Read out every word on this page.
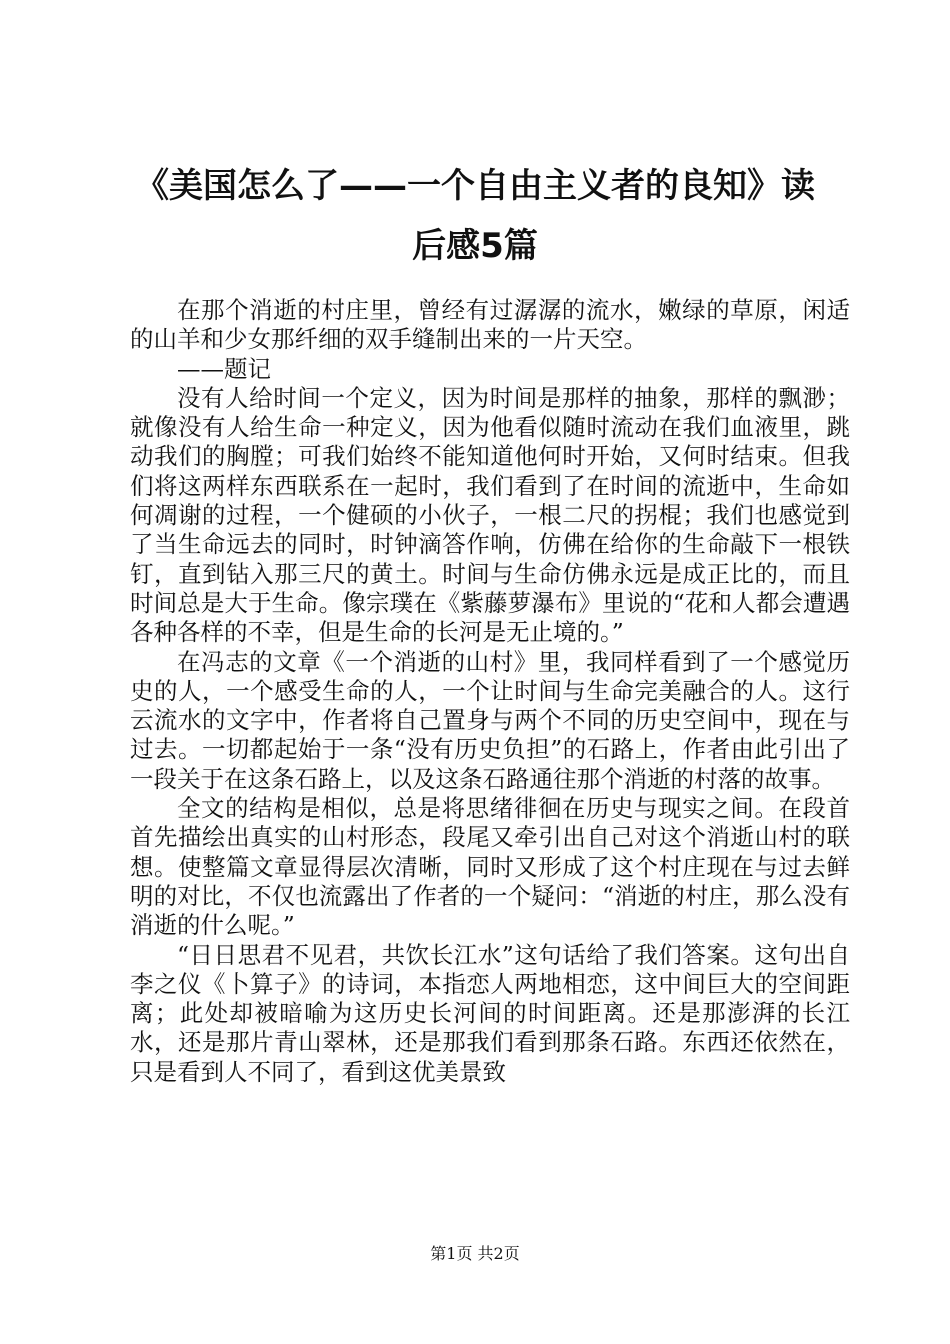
《美国怎么了——一个自由主义者的良知》读
后感5篇

在那个消逝的村庄里，曾经有过潺潺的流水，嫩绿的草原，闲适的山羊和少女那纤细的双手缝制出来的一片天空。

——题记

没有人给时间一个定义，因为时间是那样的抽象，那样的飘渺；就像没有人给生命一种定义，因为他看似随时流动在我们血液里，跳动我们的胸膛；可我们始终不能知道他何时开始，又何时结束。但我们将这两样东西联系在一起时，我们看到了在时间的流逝中，生命如何凋谢的过程，一个健硕的小伙子，一根二尺的拐棍；我们也感觉到了当生命远去的同时，时钟滴答作响，仿佛在给你的生命敲下一根铁钉，直到钻入那三尺的黄土。时间与生命仿佛永远是成正比的，而且时间总是大于生命。像宗璞在《紫藤萝瀑布》里说的“花和人都会遭遇各种各样的不幸，但是生命的长河是无止境的。”

在冯志的文章《一个消逝的山村》里，我同样看到了一个感觉历史的人，一个感受生命的人，一个让时间与生命完美融合的人。这行云流水的文字中，作者将自己置身与两个不同的历史空间中，现在与过去。一切都起始于一条“没有历史负担”的石路上，作者由此引出了一段关于在这条石路上，以及这条石路通往那个消逝的村落的故事。

全文的结构是相似，总是将思绪徘徊在历史与现实之间。在段首首先描绘出真实的山村形态，段尾又牵引出自己对这个消逝山村的联想。使整篇文章显得层次清晰，同时又形成了这个村庄现在与过去鲜明的对比，不仅也流露出了作者的一个疑问：“消逝的村庄，那么没有消逝的什么呢。”

“日日思君不见君，共饮长江水”这句话给了我们答案。这句出自李之仪《卜算子》的诗词，本指恋人两地相恋，这中间巨大的空间距离；此处却被暗喻为这历史长河间的时间距离。还是那澎湃的长江水，还是那片青山翠林，还是那我们看到那条石路。东西还依然在，只是看到人不同了，看到这优美景致

第1页 共2页
